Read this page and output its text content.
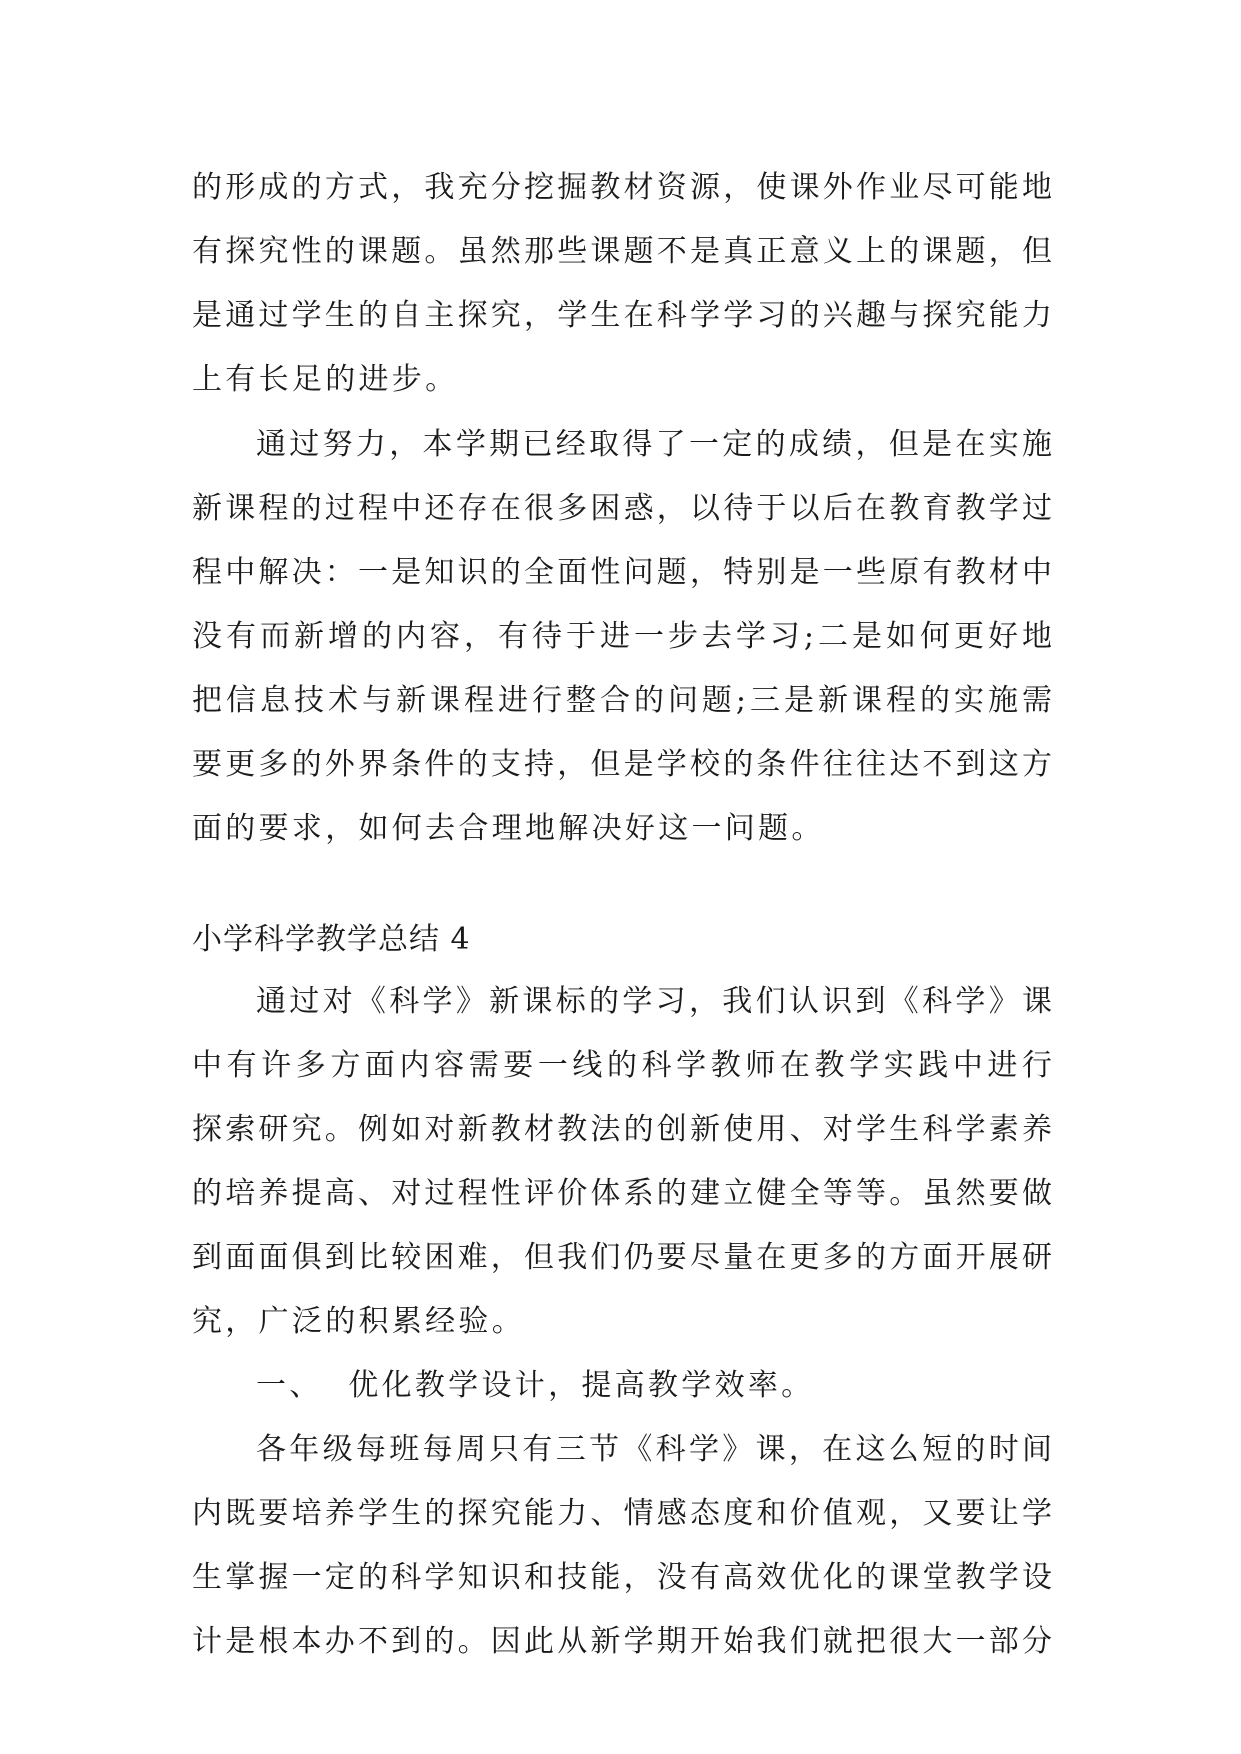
的形成的方式，我充分挖掘教材资源，使课外作业尽可能地
有探究性的课题。虽然那些课题不是真正意义上的课题，但
是通过学生的自主探究，学生在科学学习的兴趣与探究能力
上有长足的进步。
通过努力，本学期已经取得了一定的成绩，但是在实施
新课程的过程中还存在很多困惑，以待于以后在教育教学过
程中解决：一是知识的全面性问题，特别是一些原有教材中
没有而新增的内容，有待于进一步去学习;二是如何更好地
把信息技术与新课程进行整合的问题;三是新课程的实施需
要更多的外界条件的支持，但是学校的条件往往达不到这方
面的要求，如何去合理地解决好这一问题。
小学科学教学总结 4
通过对《科学》新课标的学习，我们认识到《科学》课
中有许多方面内容需要一线的科学教师在教学实践中进行
探索研究。例如对新教材教法的创新使用、对学生科学素养
的培养提高、对过程性评价体系的建立健全等等。虽然要做
到面面俱到比较困难，但我们仍要尽量在更多的方面开展研
究，广泛的积累经验。
一、  优化教学设计，提高教学效率。
各年级每班每周只有三节《科学》课，在这么短的时间
内既要培养学生的探究能力、情感态度和价值观，又要让学
生掌握一定的科学知识和技能，没有高效优化的课堂教学设
计是根本办不到的。因此从新学期开始我们就把很大一部分
